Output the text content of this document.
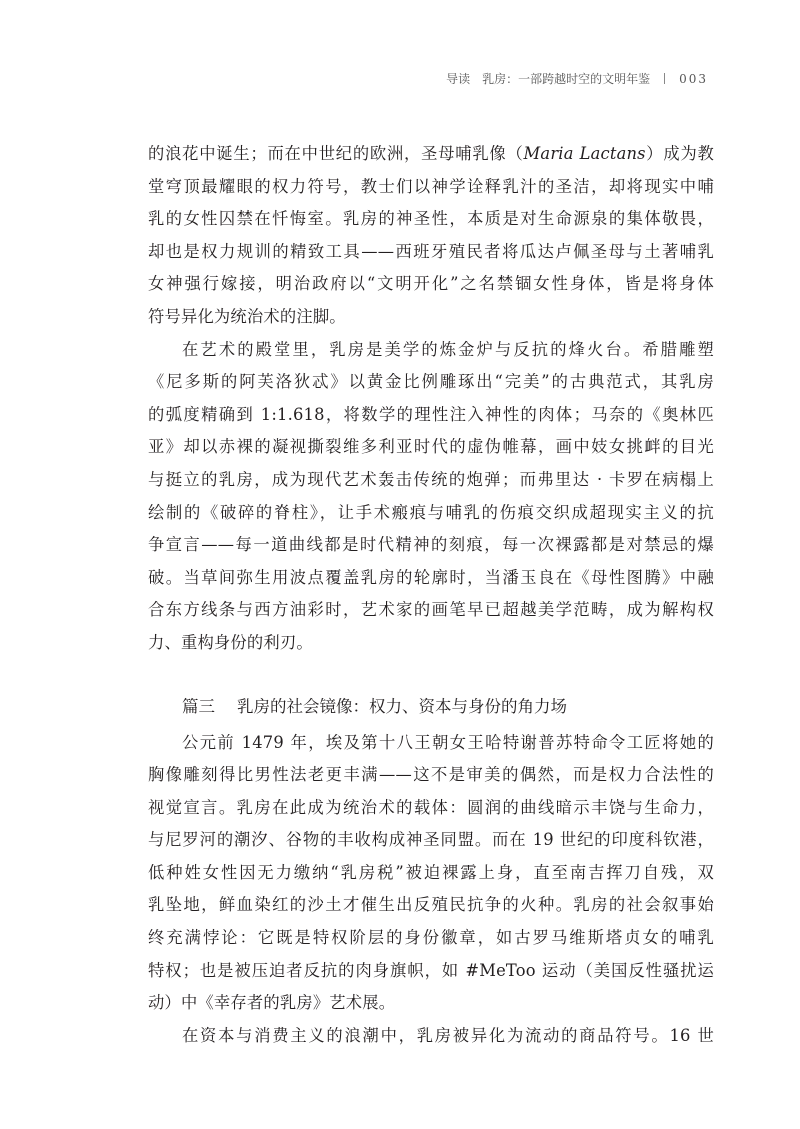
导读　乳房：一部跨越时空的文明年鉴 003

的浪花中诞生；而在中世纪的欧洲，圣母哺乳像（Maria Lactans）成为教

堂穹顶最耀眼的权力符号，教士们以神学诠释乳汁的圣洁，却将现实中哺

乳的女性囚禁在忏悔室。乳房的神圣性，本质是对生命源泉的集体敬畏，

却也是权力规训的精致工具——西班牙殖民者将瓜达卢佩圣母与土著哺乳

女神强行嫁接，明治政府以“文明开化”之名禁锢女性身体，皆是将身体

符号异化为统治术的注脚。

在艺术的殿堂里，乳房是美学的炼金炉与反抗的烽火台。希腊雕塑

《尼多斯的阿芙洛狄忒》以黄金比例雕琢出“完美”的古典范式，其乳房

的弧度精确到 1:1.618，将数学的理性注入神性的肉体；马奈的《奥林匹

亚》却以赤裸的凝视撕裂维多利亚时代的虚伪帷幕，画中妓女挑衅的目光

与挺立的乳房，成为现代艺术轰击传统的炮弹；而弗里达 · 卡罗在病榻上

绘制的《破碎的脊柱》，让手术瘢痕与哺乳的伤痕交织成超现实主义的抗

争宣言——每一道曲线都是时代精神的刻痕，每一次裸露都是对禁忌的爆

破。当草间弥生用波点覆盖乳房的轮廓时，当潘玉良在《母性图腾》中融

合东方线条与西方油彩时，艺术家的画笔早已超越美学范畴，成为解构权

力、重构身份的利刃。

篇三 乳房的社会镜像：权力、资本与身份的角力场

公元前 1479 年，埃及第十八王朝女王哈特谢普苏特命令工匠将她的

胸像雕刻得比男性法老更丰满——这不是审美的偶然，而是权力合法性的

视觉宣言。乳房在此成为统治术的载体：圆润的曲线暗示丰饶与生命力，

与尼罗河的潮汐、谷物的丰收构成神圣同盟。而在 19 世纪的印度科钦港，

低种姓女性因无力缴纳“乳房税”被迫裸露上身，直至南吉挥刀自残，双

乳坠地，鲜血染红的沙土才催生出反殖民抗争的火种。乳房的社会叙事始

终充满悖论：它既是特权阶层的身份徽章，如古罗马维斯塔贞女的哺乳

特权；也是被压迫者反抗的肉身旗帜，如 #MeToo 运动（美国反性骚扰运

动）中《幸存者的乳房》艺术展。

在资本与消费主义的浪潮中，乳房被异化为流动的商品符号。16 世
